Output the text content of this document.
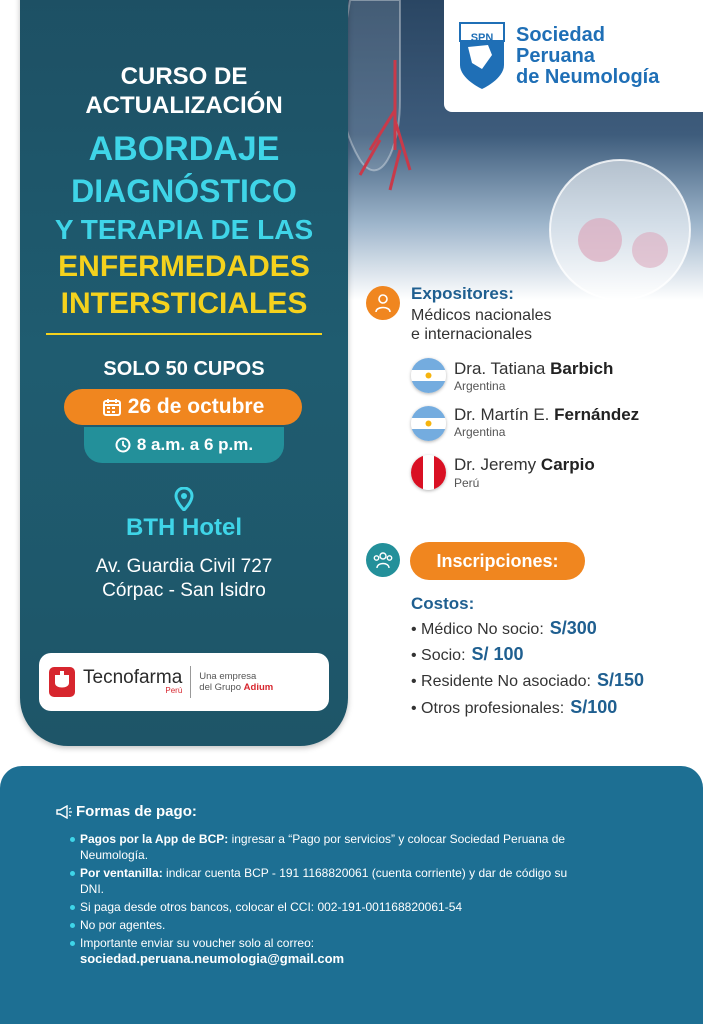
Sociedad
Peruana
de Neumología
SPN
CURSO DE
ACTUALIZACIÓN
ABORDAJE
DIAGNÓSTICO
Y TERAPIA DE LAS
ENFERMEDADES
INTERSTICIALES
SOLO 50 CUPOS
26 de octubre
8 a.m. a 6 p.m.
BTH Hotel
Av. Guardia Civil 727
Córpac - San Isidro
Tecnofarma
Perú
Una empresa
del Grupo Adium
Expositores:
Médicos nacionales
e internacionales
Dra. Tatiana Barbich
Argentina
Dr. Martín E. Fernández
Argentina
Dr. Jeremy Carpio
Perú
Inscripciones:
Costos:
• Médico No socio: S/300
• Socio: S/ 100
• Residente No asociado: S/150
• Otros profesionales: S/100
Formas de pago:
Pagos por la App de BCP: ingresar a “Pago por servicios” y colocar Sociedad Peruana de Neumología.
Por ventanilla: indicar cuenta BCP - 191 1168820061 (cuenta corriente) y dar de código su DNI.
Si paga desde otros bancos, colocar el CCI: 002-191-001168820061-54
No por agentes.
Importante enviar su voucher solo al correo:
sociedad.peruana.neumologia@gmail.com
